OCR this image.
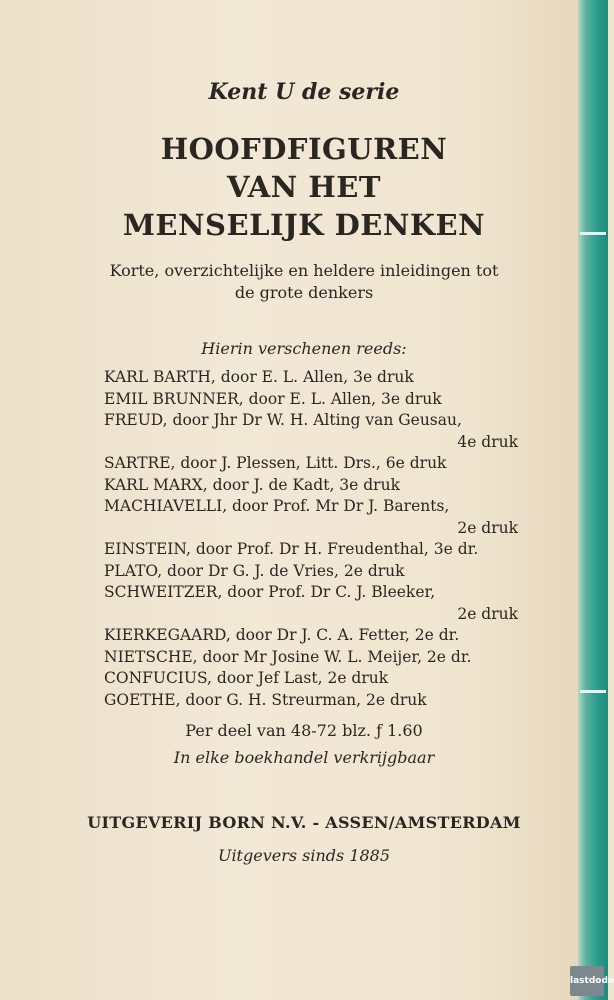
Kent U de serie

HOOFDFIGUREN

VAN HET

MENSELIJK DENKEN

Korte, overzichtelijke en heldere inleidingen tot

de grote denkers

Hierin verschenen reeds:

KARL BARTH, door E. L. Allen, 3e druk
EMIL BRUNNER, door E. L. Allen, 3e druk
FREUD, door Jhr Dr W. H. Alting van Geusau,
4e druk
SARTRE, door J. Plessen, Litt. Drs., 6e druk
KARL MARX, door J. de Kadt, 3e druk
MACHIAVELLI, door Prof. Mr Dr J. Barents,
2e druk
EINSTEIN, door Prof. Dr H. Freudenthal, 3e dr.
PLATO, door Dr G. J. de Vries, 2e druk
SCHWEITZER, door Prof. Dr C. J. Bleeker,
2e druk
KIERKEGAARD, door Dr J. C. A. Fetter, 2e dr.
NIETSCHE, door Mr Josine W. L. Meijer, 2e dr.
CONFUCIUS, door Jef Last, 2e druk
GOETHE, door G. H. Streurman, 2e druk

Per deel van 48-72 blz. ƒ 1.60

In elke boekhandel verkrijgbaar

UITGEVERIJ BORN N.V. - ASSEN/AMSTERDAM

Uitgevers sinds 1885

lastdodo
